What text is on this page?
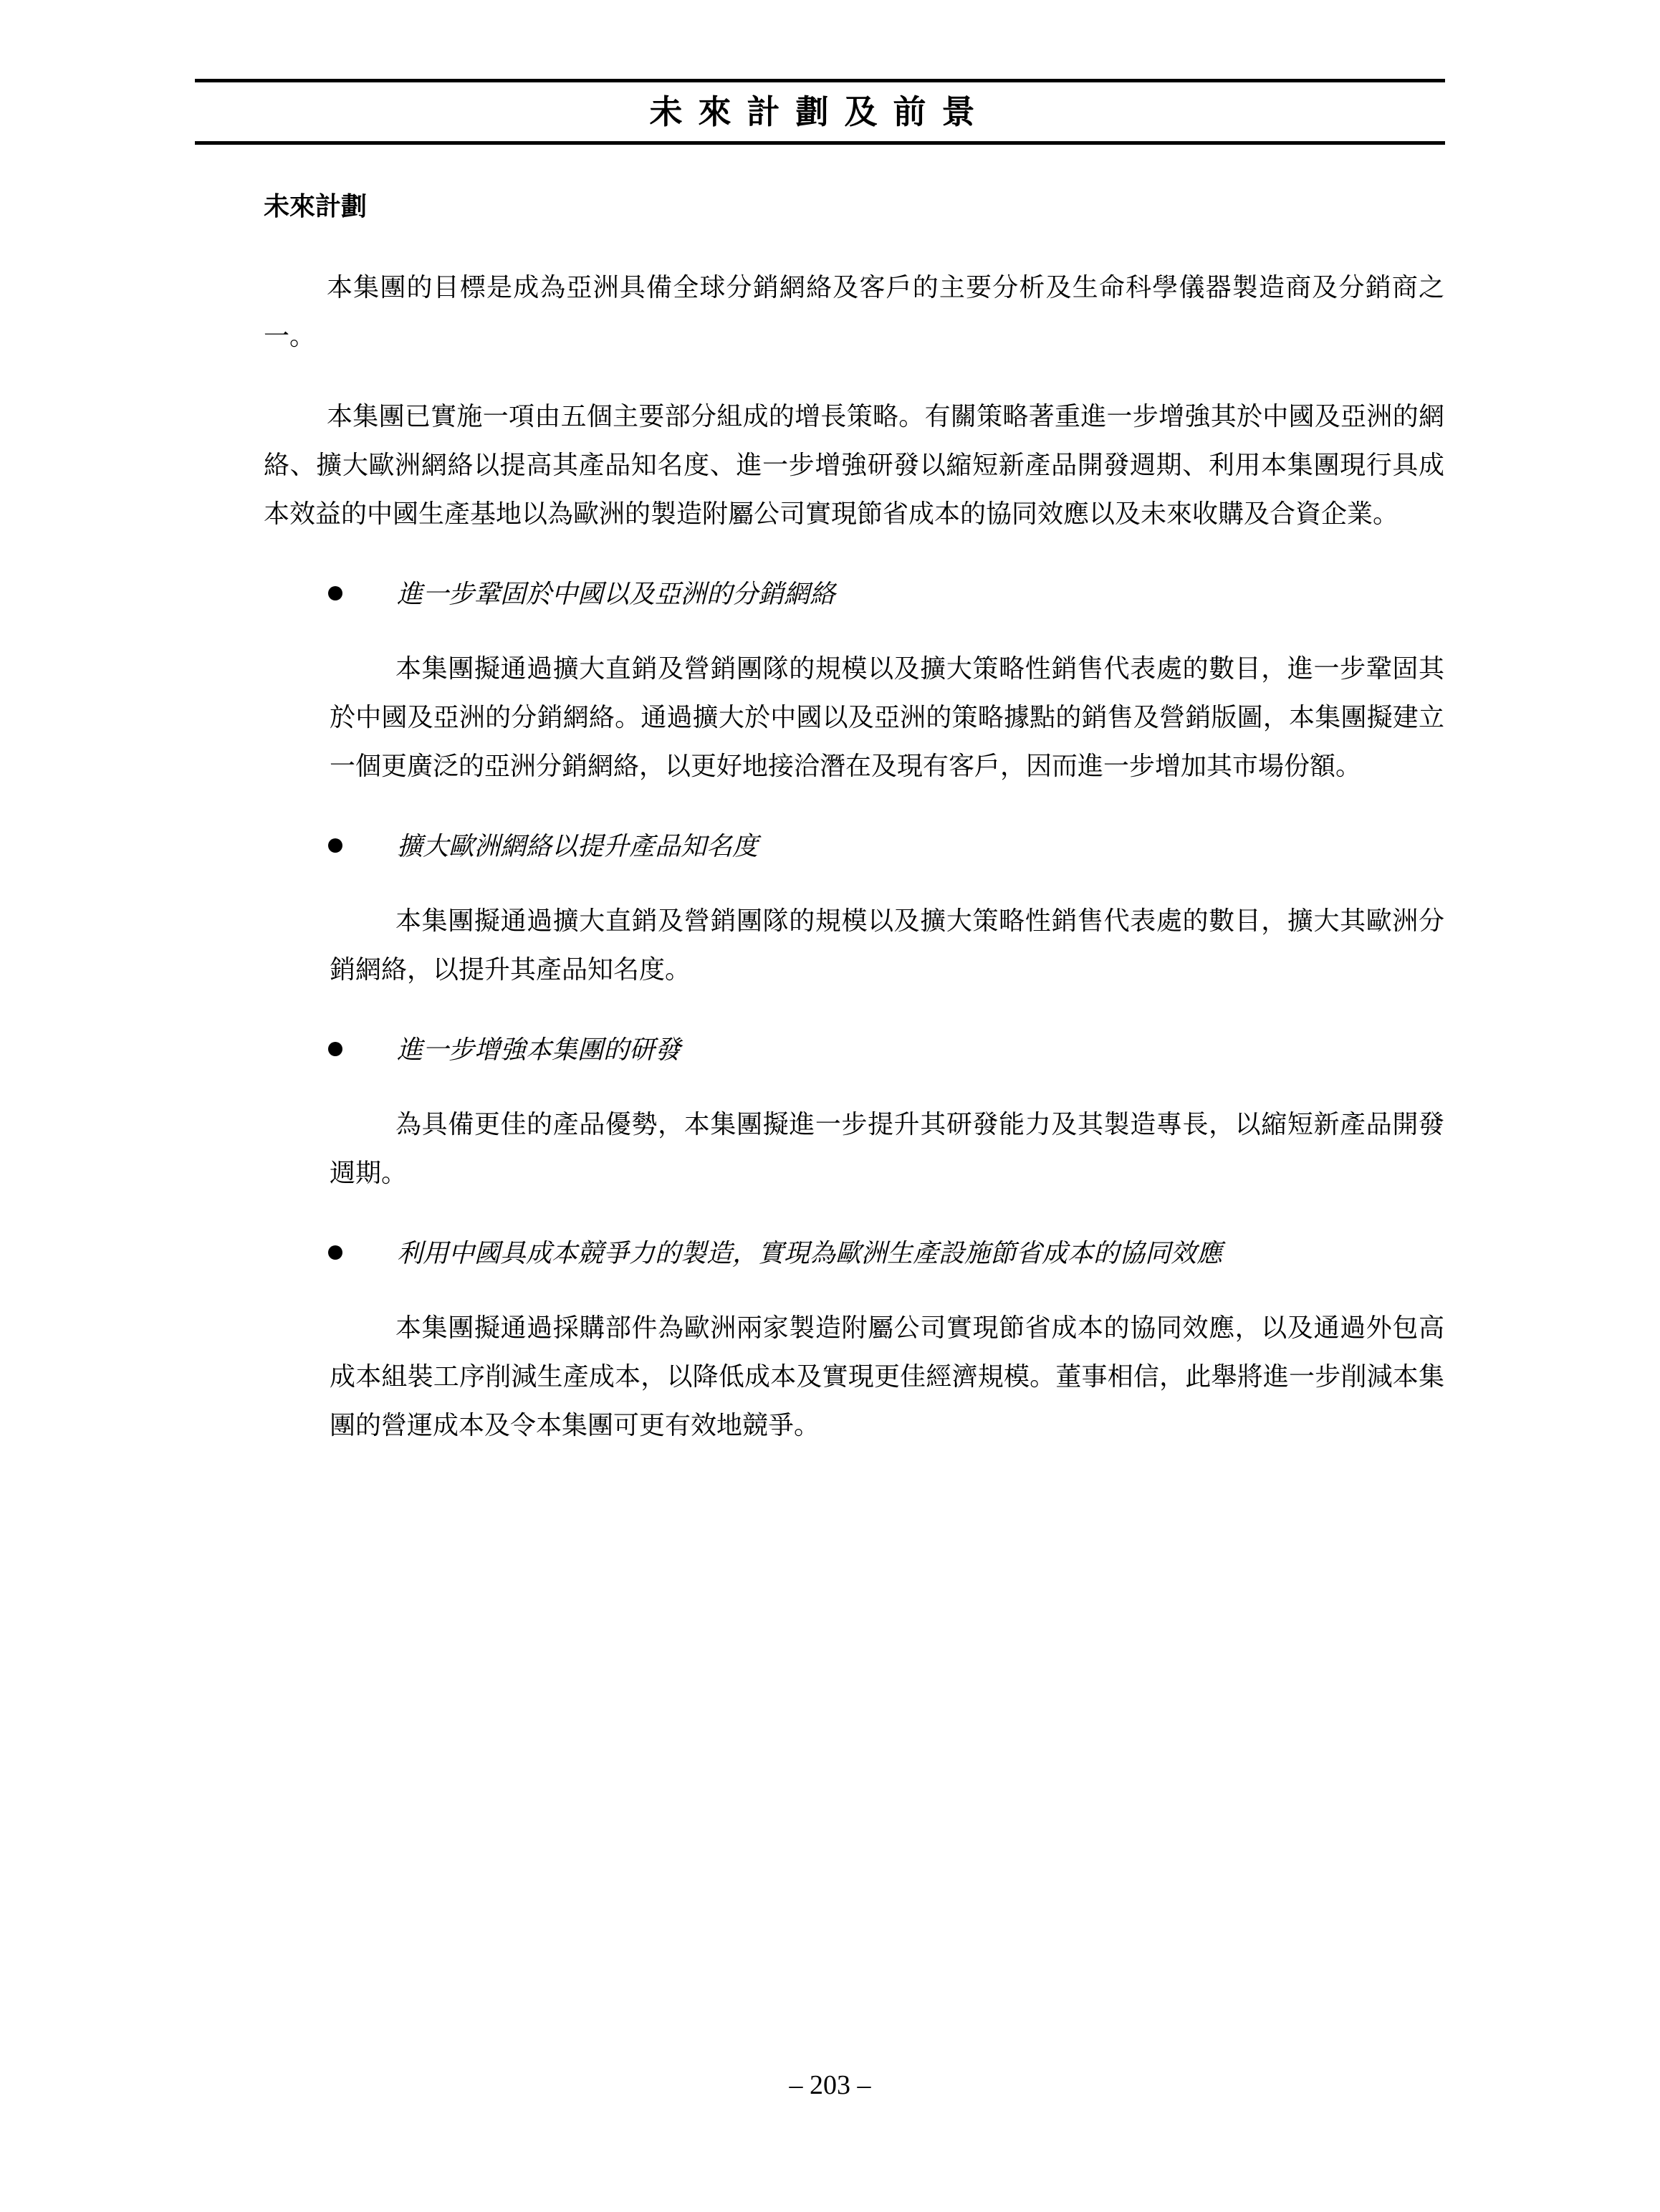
未來計劃及前景
未來計劃

本集團的目標是成為亞洲具備全球分銷網絡及客戶的主要分析及生命科學儀器製造商及分銷商之一。

本集團已實施一項由五個主要部分組成的增長策略。有關策略著重進一步增強其於中國及亞洲的網絡、擴大歐洲網絡以提高其產品知名度、進一步增強研發以縮短新產品開發週期、利用本集團現行具成本效益的中國生產基地以為歐洲的製造附屬公司實現節省成本的協同效應以及未來收購及合資企業。

進一步鞏固於中國以及亞洲的分銷網絡

本集團擬通過擴大直銷及營銷團隊的規模以及擴大策略性銷售代表處的數目，進一步鞏固其於中國及亞洲的分銷網絡。通過擴大於中國以及亞洲的策略據點的銷售及營銷版圖，本集團擬建立一個更廣泛的亞洲分銷網絡，以更好地接洽潛在及現有客戶，因而進一步增加其市場份額。

擴大歐洲網絡以提升產品知名度

本集團擬通過擴大直銷及營銷團隊的規模以及擴大策略性銷售代表處的數目，擴大其歐洲分銷網絡，以提升其產品知名度。

進一步增強本集團的研發

為具備更佳的產品優勢，本集團擬進一步提升其研發能力及其製造專長，以縮短新產品開發週期。

利用中國具成本競爭力的製造，實現為歐洲生產設施節省成本的協同效應

本集團擬通過採購部件為歐洲兩家製造附屬公司實現節省成本的協同效應，以及通過外包高成本組裝工序削減生產成本，以降低成本及實現更佳經濟規模。董事相信，此舉將進一步削減本集團的營運成本及令本集團可更有效地競爭。

– 203 –
